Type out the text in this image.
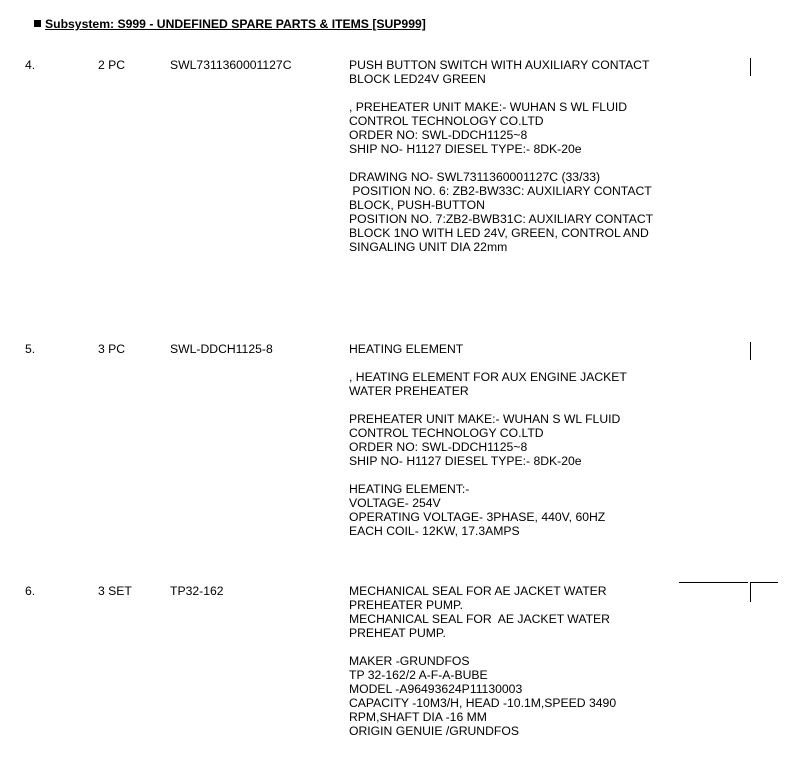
Subsystem: S999 - UNDEFINED SPARE PARTS & ITEMS [SUP999]
4.	2 PC	SWL7311360001127C	PUSH BUTTON SWITCH WITH AUXILIARY CONTACT
BLOCK LED24V GREEN
, PREHEATER UNIT MAKE:- WUHAN S WL FLUID
CONTROL TECHNOLOGY CO.LTD
ORDER NO: SWL-DDCH1125~8
SHIP NO- H1127 DIESEL TYPE:- 8DK-20e
DRAWING NO- SWL7311360001127C (33/33)
POSITION NO. 6: ZB2-BW33C: AUXILIARY CONTACT
BLOCK, PUSH-BUTTON
POSITION NO. 7:ZB2-BWB31C: AUXILIARY CONTACT
BLOCK 1NO WITH LED 24V, GREEN, CONTROL AND
SINGALING UNIT DIA 22mm
5.	3 PC	SWL-DDCH1125-8	HEATING ELEMENT
, HEATING ELEMENT FOR AUX ENGINE JACKET
WATER PREHEATER
PREHEATER UNIT MAKE:- WUHAN S WL FLUID
CONTROL TECHNOLOGY CO.LTD
ORDER NO: SWL-DDCH1125~8
SHIP NO- H1127 DIESEL TYPE:- 8DK-20e
HEATING ELEMENT:-
VOLTAGE- 254V
OPERATING VOLTAGE- 3PHASE, 440V, 60HZ
EACH COIL- 12KW, 17.3AMPS
6.	3 SET	TP32-162	MECHANICAL SEAL FOR AE JACKET WATER
PREHEATER PUMP.
MECHANICAL SEAL FOR  AE JACKET WATER
PREHEAT PUMP.
MAKER -GRUNDFOS
TP 32-162/2 A-F-A-BUBE
MODEL -A96493624P11130003
CAPACITY -10M3/H, HEAD -10.1M,SPEED 3490
RPM,SHAFT DIA -16 MM
ORIGIN GENUIE /GRUNDFOS
